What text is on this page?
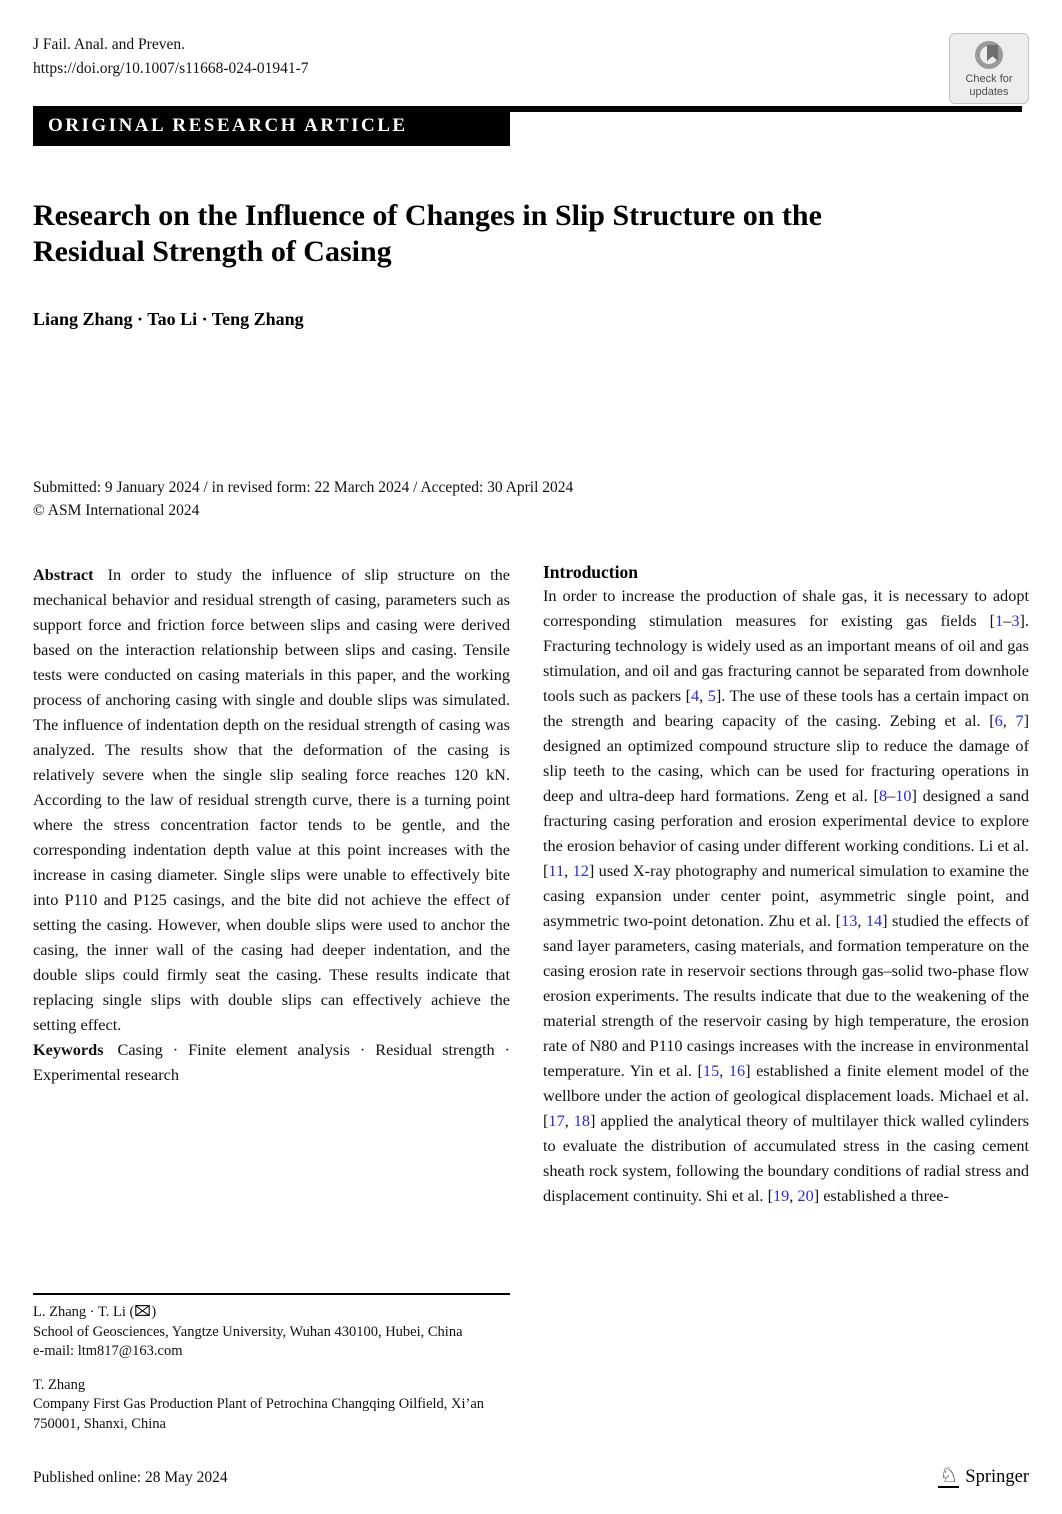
J Fail. Anal. and Preven.
https://doi.org/10.1007/s11668-024-01941-7
Check for
updates
ORIGINAL RESEARCH ARTICLE
Research on the Influence of Changes in Slip Structure on the Residual Strength of Casing
Liang Zhang · Tao Li · Teng Zhang
Submitted: 9 January 2024 / in revised form: 22 March 2024 / Accepted: 30 April 2024
© ASM International 2024

Abstract In order to study the influence of slip structure on the mechanical behavior and residual strength of casing, parameters such as support force and friction force between slips and casing were derived based on the interaction relationship between slips and casing. Tensile tests were conducted on casing materials in this paper, and the working process of anchoring casing with single and double slips was simulated. The influence of indentation depth on the residual strength of casing was analyzed. The results show that the deformation of the casing is relatively severe when the single slip sealing force reaches 120 kN. According to the law of residual strength curve, there is a turning point where the stress concentration factor tends to be gentle, and the corresponding indentation depth value at this point increases with the increase in casing diameter. Single slips were unable to effectively bite into P110 and P125 casings, and the bite did not achieve the effect of setting the casing. However, when double slips were used to anchor the casing, the inner wall of the casing had deeper indentation, and the double slips could firmly seat the casing. These results indicate that replacing single slips with double slips can effectively achieve the setting effect.

Keywords Casing · Finite element analysis · Residual strength · Experimental research

L. Zhang · T. Li ( )
School of Geosciences, Yangtze University, Wuhan 430100, Hubei, China
e-mail: ltm817@163.com
T. Zhang
Company First Gas Production Plant of Petrochina Changqing Oilfield, Xi’an 750001, Shanxi, China
Introduction

In order to increase the production of shale gas, it is necessary to adopt corresponding stimulation measures for existing gas fields [1–3]. Fracturing technology is widely used as an important means of oil and gas stimulation, and oil and gas fracturing cannot be separated from downhole tools such as packers [4, 5]. The use of these tools has a certain impact on the strength and bearing capacity of the casing. Zebing et al. [6, 7] designed an optimized compound structure slip to reduce the damage of slip teeth to the casing, which can be used for fracturing operations in deep and ultra-deep hard formations. Zeng et al. [8–10] designed a sand fracturing casing perforation and erosion experimental device to explore the erosion behavior of casing under different working conditions. Li et al. [11, 12] used X-ray photography and numerical simulation to examine the casing expansion under center point, asymmetric single point, and asymmetric two-point detonation. Zhu et al. [13, 14] studied the effects of sand layer parameters, casing materials, and formation temperature on the casing erosion rate in reservoir sections through gas–solid two-phase flow erosion experiments. The results indicate that due to the weakening of the material strength of the reservoir casing by high temperature, the erosion rate of N80 and P110 casings increases with the increase in environmental temperature. Yin et al. [15, 16] established a finite element model of the wellbore under the action of geological displacement loads. Michael et al. [17, 18] applied the analytical theory of multilayer thick walled cylinders to evaluate the distribution of accumulated stress in the casing cement sheath rock system, following the boundary conditions of radial stress and displacement continuity. Shi et al. [19, 20] established a three-

Published online: 28 May 2024	♘ Springer
